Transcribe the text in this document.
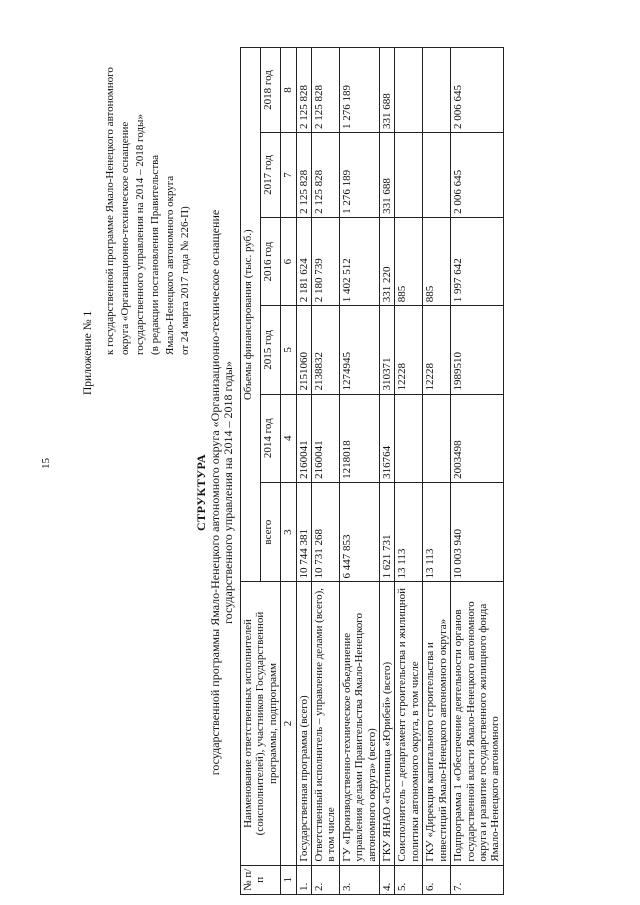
15
Приложение № 1 к государственной программе Ямало-Ненецкого автономного округа «Организационно-техническое оснащение государственного управления на 2014 – 2018 годы» (в редакции постановления Правительства Ямало-Ненецкого автономного округа от 24 марта 2017 года № 226-П)
СТРУКТУРА государственной программы Ямало-Ненецкого автономного округа «Организационно-техническое оснащение государственного управления на 2014 – 2018 годы»
№ п/п	Наименование ответственных исполнителей (соисполнителей), участников Государственной программы, подпрограмм	Объемы финансирования (тыс. руб.)					
		всего	2014 год	2015 год	2016 год	2017 год	2018 год
1	2	3	4	5	6	7	8
1.	Государственная программа (всего)	10 744 381	2160041	2151060	2 181 624	2 125 828	2 125 828
2.	Ответственный исполнитель – управление делами (всего), в том числе	10 731 268	2160041	2138832	2 180 739	2 125 828	2 125 828
3.	ГУ «Производственно-техническое объединение управления делами Правительства Ямало-Ненецкого автономного округа» (всего)	6 447 853	1218018	1274945	1 402 512	1 276 189	1 276 189
4.	ГКУ ЯНАО «Гостиница «Юрибей» (всего)	1 621 731	316764	310371	331 220	331 688	331 688
5.	Соисполнитель – департамент строительства и жилищной политики автономного округа, в том числе	13 113		12228	885		
6.	ГКУ «Дирекция капитального строительства и инвестиций Ямало-Ненецкого автономного округа»	13 113		12228	885		
7.	Подпрограмма 1 «Обеспечение деятельности органов государственной власти Ямало-Ненецкого автономного округа и развитие государственного жилищного фонда Ямало-Ненецкого автономного	10 003 940	2003498	1989510	1 997 642	2 006 645	2 006 645
